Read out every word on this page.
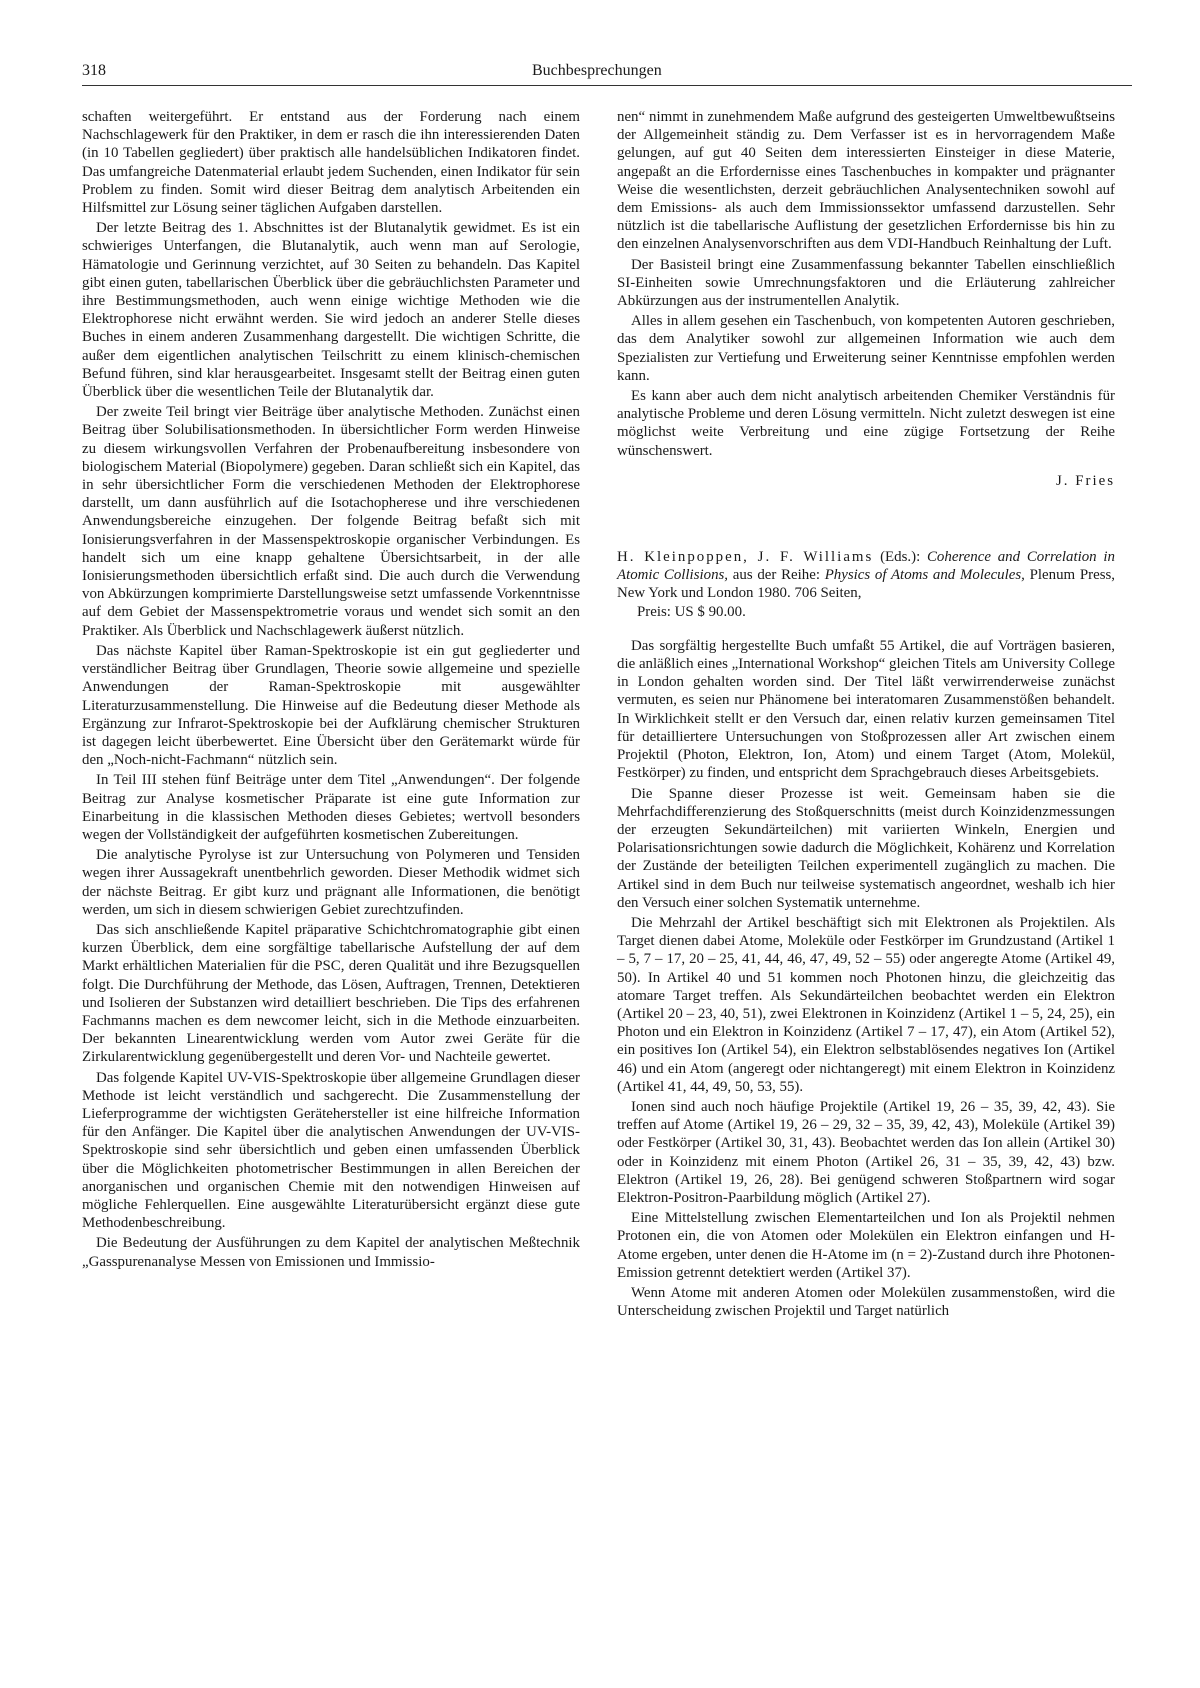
318	Buchbesprechungen

schaften weitergeführt. Er entstand aus der Forderung nach einem Nachschlagewerk für den Praktiker, in dem er rasch die ihn interessierenden Daten (in 10 Tabellen gegliedert) über praktisch alle handelsüblichen Indikatoren findet. Das umfangreiche Datenmaterial erlaubt jedem Suchenden, einen Indikator für sein Problem zu finden. Somit wird dieser Beitrag dem analytisch Arbeitenden ein Hilfsmittel zur Lösung seiner täglichen Aufgaben darstellen.

Der letzte Beitrag des 1. Abschnittes ist der Blutanalytik gewidmet. Es ist ein schwieriges Unterfangen, die Blutanalytik, auch wenn man auf Serologie, Hämatologie und Gerinnung verzichtet, auf 30 Seiten zu behandeln. Das Kapitel gibt einen guten, tabellarischen Überblick über die gebräuchlichsten Parameter und ihre Bestimmungsmethoden, auch wenn einige wichtige Methoden wie die Elektrophorese nicht erwähnt werden. Sie wird jedoch an anderer Stelle dieses Buches in einem anderen Zusammenhang dargestellt. Die wichtigen Schritte, die außer dem eigentlichen analytischen Teilschritt zu einem klinisch-chemischen Befund führen, sind klar herausgearbeitet. Insgesamt stellt der Beitrag einen guten Überblick über die wesentlichen Teile der Blutanalytik dar.

Der zweite Teil bringt vier Beiträge über analytische Methoden. Zunächst einen Beitrag über Solubilisationsmethoden. In übersichtlicher Form werden Hinweise zu diesem wirkungsvollen Verfahren der Probenaufbereitung insbesondere von biologischem Material (Biopolymere) gegeben. Daran schließt sich ein Kapitel, das in sehr übersichtlicher Form die verschiedenen Methoden der Elektrophorese darstellt, um dann ausführlich auf die Isotachopherese und ihre verschiedenen Anwendungsbereiche einzugehen. Der folgende Beitrag befaßt sich mit Ionisierungsverfahren in der Massenspektroskopie organischer Verbindungen. Es handelt sich um eine knapp gehaltene Übersichtsarbeit, in der alle Ionisierungsmethoden übersichtlich erfaßt sind. Die auch durch die Verwendung von Abkürzungen komprimierte Darstellungsweise setzt umfassende Vorkenntnisse auf dem Gebiet der Massenspektrometrie voraus und wendet sich somit an den Praktiker. Als Überblick und Nachschlagewerk äußerst nützlich.

Das nächste Kapitel über Raman-Spektroskopie ist ein gut gegliederter und verständlicher Beitrag über Grundlagen, Theorie sowie allgemeine und spezielle Anwendungen der Raman-Spektroskopie mit ausgewählter Literaturzusammenstellung. Die Hinweise auf die Bedeutung dieser Methode als Ergänzung zur Infrarot-Spektroskopie bei der Aufklärung chemischer Strukturen ist dagegen leicht überbewertet. Eine Übersicht über den Gerätemarkt würde für den „Noch-nicht-Fachmann“ nützlich sein.

In Teil III stehen fünf Beiträge unter dem Titel „Anwendungen“. Der folgende Beitrag zur Analyse kosmetischer Präparate ist eine gute Information zur Einarbeitung in die klassischen Methoden dieses Gebietes; wertvoll besonders wegen der Vollständigkeit der aufgeführten kosmetischen Zubereitungen.

Die analytische Pyrolyse ist zur Untersuchung von Polymeren und Tensiden wegen ihrer Aussagekraft unentbehrlich geworden. Dieser Methodik widmet sich der nächste Beitrag. Er gibt kurz und prägnant alle Informationen, die benötigt werden, um sich in diesem schwierigen Gebiet zurechtzufinden.

Das sich anschließende Kapitel präparative Schichtchromatographie gibt einen kurzen Überblick, dem eine sorgfältige tabellarische Aufstellung der auf dem Markt erhältlichen Materialien für die PSC, deren Qualität und ihre Bezugsquellen folgt. Die Durchführung der Methode, das Lösen, Auftragen, Trennen, Detektieren und Isolieren der Substanzen wird detailliert beschrieben. Die Tips des erfahrenen Fachmanns machen es dem newcomer leicht, sich in die Methode einzuarbeiten. Der bekannten Linearentwicklung werden vom Autor zwei Geräte für die Zirkularentwicklung gegenübergestellt und deren Vor- und Nachteile gewertet.

Das folgende Kapitel UV-VIS-Spektroskopie über allgemeine Grundlagen dieser Methode ist leicht verständlich und sachgerecht. Die Zusammenstellung der Lieferprogramme der wichtigsten Gerätehersteller ist eine hilfreiche Information für den Anfänger. Die Kapitel über die analytischen Anwendungen der UV-VIS-Spektroskopie sind sehr übersichtlich und geben einen umfassenden Überblick über die Möglichkeiten photometrischer Bestimmungen in allen Bereichen der anorganischen und organischen Chemie mit den notwendigen Hinweisen auf mögliche Fehlerquellen. Eine ausgewählte Literaturübersicht ergänzt diese gute Methodenbeschreibung.

Die Bedeutung der Ausführungen zu dem Kapitel der analytischen Meßtechnik „Gasspurenanalyse Messen von Emissionen und Immissio-

nen“ nimmt in zunehmendem Maße aufgrund des gesteigerten Umweltbewußtseins der Allgemeinheit ständig zu. Dem Verfasser ist es in hervorragendem Maße gelungen, auf gut 40 Seiten dem interessierten Einsteiger in diese Materie, angepaßt an die Erfordernisse eines Taschenbuches in kompakter und prägnanter Weise die wesentlichsten, derzeit gebräuchlichen Analysentechniken sowohl auf dem Emissions- als auch dem Immissionssektor umfassend darzustellen. Sehr nützlich ist die tabellarische Auflistung der gesetzlichen Erfordernisse bis hin zu den einzelnen Analysenvorschriften aus dem VDI-Handbuch Reinhaltung der Luft.

Der Basisteil bringt eine Zusammenfassung bekannter Tabellen einschließlich SI-Einheiten sowie Umrechnungsfaktoren und die Erläuterung zahlreicher Abkürzungen aus der instrumentellen Analytik.

Alles in allem gesehen ein Taschenbuch, von kompetenten Autoren geschrieben, das dem Analytiker sowohl zur allgemeinen Information wie auch dem Spezialisten zur Vertiefung und Erweiterung seiner Kenntnisse empfohlen werden kann.

Es kann aber auch dem nicht analytisch arbeitenden Chemiker Verständnis für analytische Probleme und deren Lösung vermitteln. Nicht zuletzt deswegen ist eine möglichst weite Verbreitung und eine zügige Fortsetzung der Reihe wünschenswert.

J. Fries

H. Kleinpoppen, J. F. Williams (Eds.): Coherence and Correlation in Atomic Collisions, aus der Reihe: Physics of Atoms and Molecules, Plenum Press, New York und London 1980. 706 Seiten,

Preis: US $ 90.00.

Das sorgfältig hergestellte Buch umfaßt 55 Artikel, die auf Vorträgen basieren, die anläßlich eines „International Workshop“ gleichen Titels am University College in London gehalten worden sind. Der Titel läßt verwirrenderweise zunächst vermuten, es seien nur Phänomene bei interatomaren Zusammenstößen behandelt. In Wirklichkeit stellt er den Versuch dar, einen relativ kurzen gemeinsamen Titel für detailliertere Untersuchungen von Stoßprozessen aller Art zwischen einem Projektil (Photon, Elektron, Ion, Atom) und einem Target (Atom, Molekül, Festkörper) zu finden, und entspricht dem Sprachgebrauch dieses Arbeitsgebiets.

Die Spanne dieser Prozesse ist weit. Gemeinsam haben sie die Mehrfachdifferenzierung des Stoßquerschnitts (meist durch Koinzidenzmessungen der erzeugten Sekundärteilchen) mit variierten Winkeln, Energien und Polarisationsrichtungen sowie dadurch die Möglichkeit, Kohärenz und Korrelation der Zustände der beteiligten Teilchen experimentell zugänglich zu machen. Die Artikel sind in dem Buch nur teilweise systematisch angeordnet, weshalb ich hier den Versuch einer solchen Systematik unternehme.

Die Mehrzahl der Artikel beschäftigt sich mit Elektronen als Projektilen. Als Target dienen dabei Atome, Moleküle oder Festkörper im Grundzustand (Artikel 1 – 5, 7 – 17, 20 – 25, 41, 44, 46, 47, 49, 52 – 55) oder angeregte Atome (Artikel 49, 50). In Artikel 40 und 51 kommen noch Photonen hinzu, die gleichzeitig das atomare Target treffen. Als Sekundärteilchen beobachtet werden ein Elektron (Artikel 20 – 23, 40, 51), zwei Elektronen in Koinzidenz (Artikel 1 – 5, 24, 25), ein Photon und ein Elektron in Koinzidenz (Artikel 7 – 17, 47), ein Atom (Artikel 52), ein positives Ion (Artikel 54), ein Elektron selbstablösendes negatives Ion (Artikel 46) und ein Atom (angeregt oder nichtangeregt) mit einem Elektron in Koinzidenz (Artikel 41, 44, 49, 50, 53, 55).

Ionen sind auch noch häufige Projektile (Artikel 19, 26 – 35, 39, 42, 43). Sie treffen auf Atome (Artikel 19, 26 – 29, 32 – 35, 39, 42, 43), Moleküle (Artikel 39) oder Festkörper (Artikel 30, 31, 43). Beobachtet werden das Ion allein (Artikel 30) oder in Koinzidenz mit einem Photon (Artikel 26, 31 – 35, 39, 42, 43) bzw. Elektron (Artikel 19, 26, 28). Bei genügend schweren Stoßpartnern wird sogar Elektron-Positron-Paarbildung möglich (Artikel 27).

Eine Mittelstellung zwischen Elementarteilchen und Ion als Projektil nehmen Protonen ein, die von Atomen oder Molekülen ein Elektron einfangen und H-Atome ergeben, unter denen die H-Atome im (n = 2)-Zustand durch ihre Photonen-Emission getrennt detektiert werden (Artikel 37).

Wenn Atome mit anderen Atomen oder Molekülen zusammenstoßen, wird die Unterscheidung zwischen Projektil und Target natürlich
